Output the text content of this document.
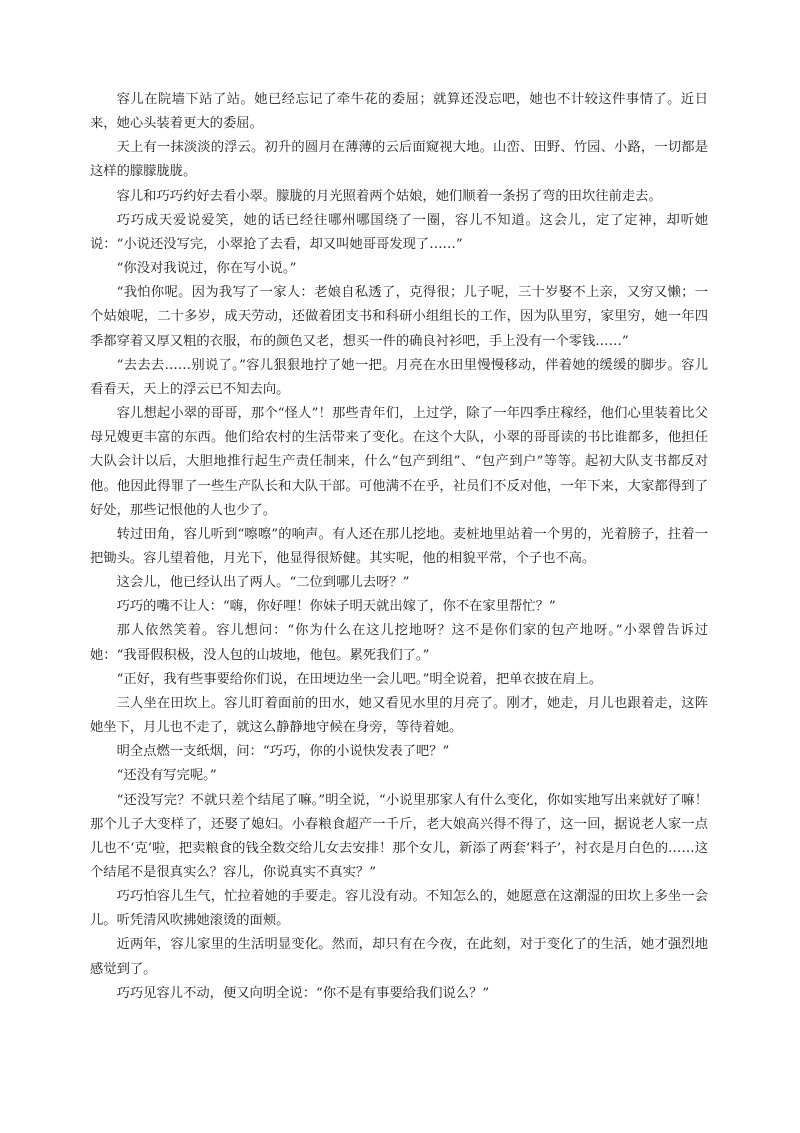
容儿在院墙下站了站。她已经忘记了牵牛花的委屈；就算还没忘吧，她也不计较这件事情了。近日来，她心头装着更大的委屈。

天上有一抹淡淡的浮云。初升的圆月在薄薄的云后面窥视大地。山峦、田野、竹园、小路，一切都是这样的朦朦胧胧。

容儿和巧巧约好去看小翠。朦胧的月光照着两个姑娘，她们顺着一条拐了弯的田坎往前走去。

巧巧成天爱说爱笑，她的话已经往哪州哪国绕了一圈，容儿不知道。这会儿，定了定神，却听她说：“小说还没写完，小翠抢了去看，却又叫她哥哥发现了……”

“你没对我说过，你在写小说。”

“我怕你呢。因为我写了一家人：老娘自私透了，克得很；儿子呢，三十岁娶不上亲，又穷又懒；一个姑娘呢，二十多岁，成天劳动，还做着团支书和科研小组组长的工作，因为队里穷，家里穷，她一年四季都穿着又厚又粗的衣服，布的颜色又老，想买一件的确良衬衫吧，手上没有一个零钱……”

“去去去……别说了。”容儿狠狠地拧了她一把。月亮在水田里慢慢移动，伴着她的缓缓的脚步。容儿看看天，天上的浮云已不知去向。

容儿想起小翠的哥哥，那个“怪人”！那些青年们，上过学，除了一年四季庄稼经，他们心里装着比父母兄嫂更丰富的东西。他们给农村的生活带来了变化。在这个大队，小翠的哥哥读的书比谁都多，他担任大队会计以后，大胆地推行起生产责任制来，什么“包产到组”、“包产到户”等等。起初大队支书都反对他。他因此得罪了一些生产队长和大队干部。可他满不在乎，社员们不反对他，一年下来，大家都得到了好处，那些记恨他的人也少了。

转过田角，容儿听到“嚓嚓”的响声。有人还在那儿挖地。麦桩地里站着一个男的，光着膀子，拄着一把锄头。容儿望着他，月光下，他显得很矫健。其实呢，他的相貌平常，个子也不高。

这会儿，他已经认出了两人。“二位到哪儿去呀？”

巧巧的嘴不让人：“嗨，你好哩！你妹子明天就出嫁了，你不在家里帮忙？”

那人依然笑着。容儿想问：“你为什么在这儿挖地呀？这不是你们家的包产地呀。”小翠曾告诉过她：“我哥假积极，没人包的山坡地，他包。累死我们了。”

“正好，我有些事要给你们说，在田埂边坐一会儿吧。”明全说着，把单衣披在肩上。

三人坐在田坎上。容儿盯着面前的田水，她又看见水里的月亮了。刚才，她走，月儿也跟着走，这阵她坐下，月儿也不走了，就这么静静地守候在身旁，等待着她。

明全点燃一支纸烟，问：“巧巧，你的小说快发表了吧？”

“还没有写完呢。”

“还没写完？不就只差个结尾了嘛。”明全说，“小说里那家人有什么变化，你如实地写出来就好了嘛！那个儿子大变样了，还娶了媳妇。小春粮食超产一千斤，老大娘高兴得不得了，这一回，据说老人家一点儿也不‘克’啦，把卖粮食的钱全数交给儿女去安排！那个女儿，新添了两套‘料子’，衬衣是月白色的……这个结尾不是很真实么？容儿，你说真实不真实？”

巧巧怕容儿生气，忙拉着她的手要走。容儿没有动。不知怎么的，她愿意在这潮湿的田坎上多坐一会儿。听凭清风吹拂她滚烫的面颊。

近两年，容儿家里的生活明显变化。然而，却只有在今夜，在此刻，对于变化了的生活，她才强烈地感觉到了。

巧巧见容儿不动，便又向明全说：“你不是有事要给我们说么？”
